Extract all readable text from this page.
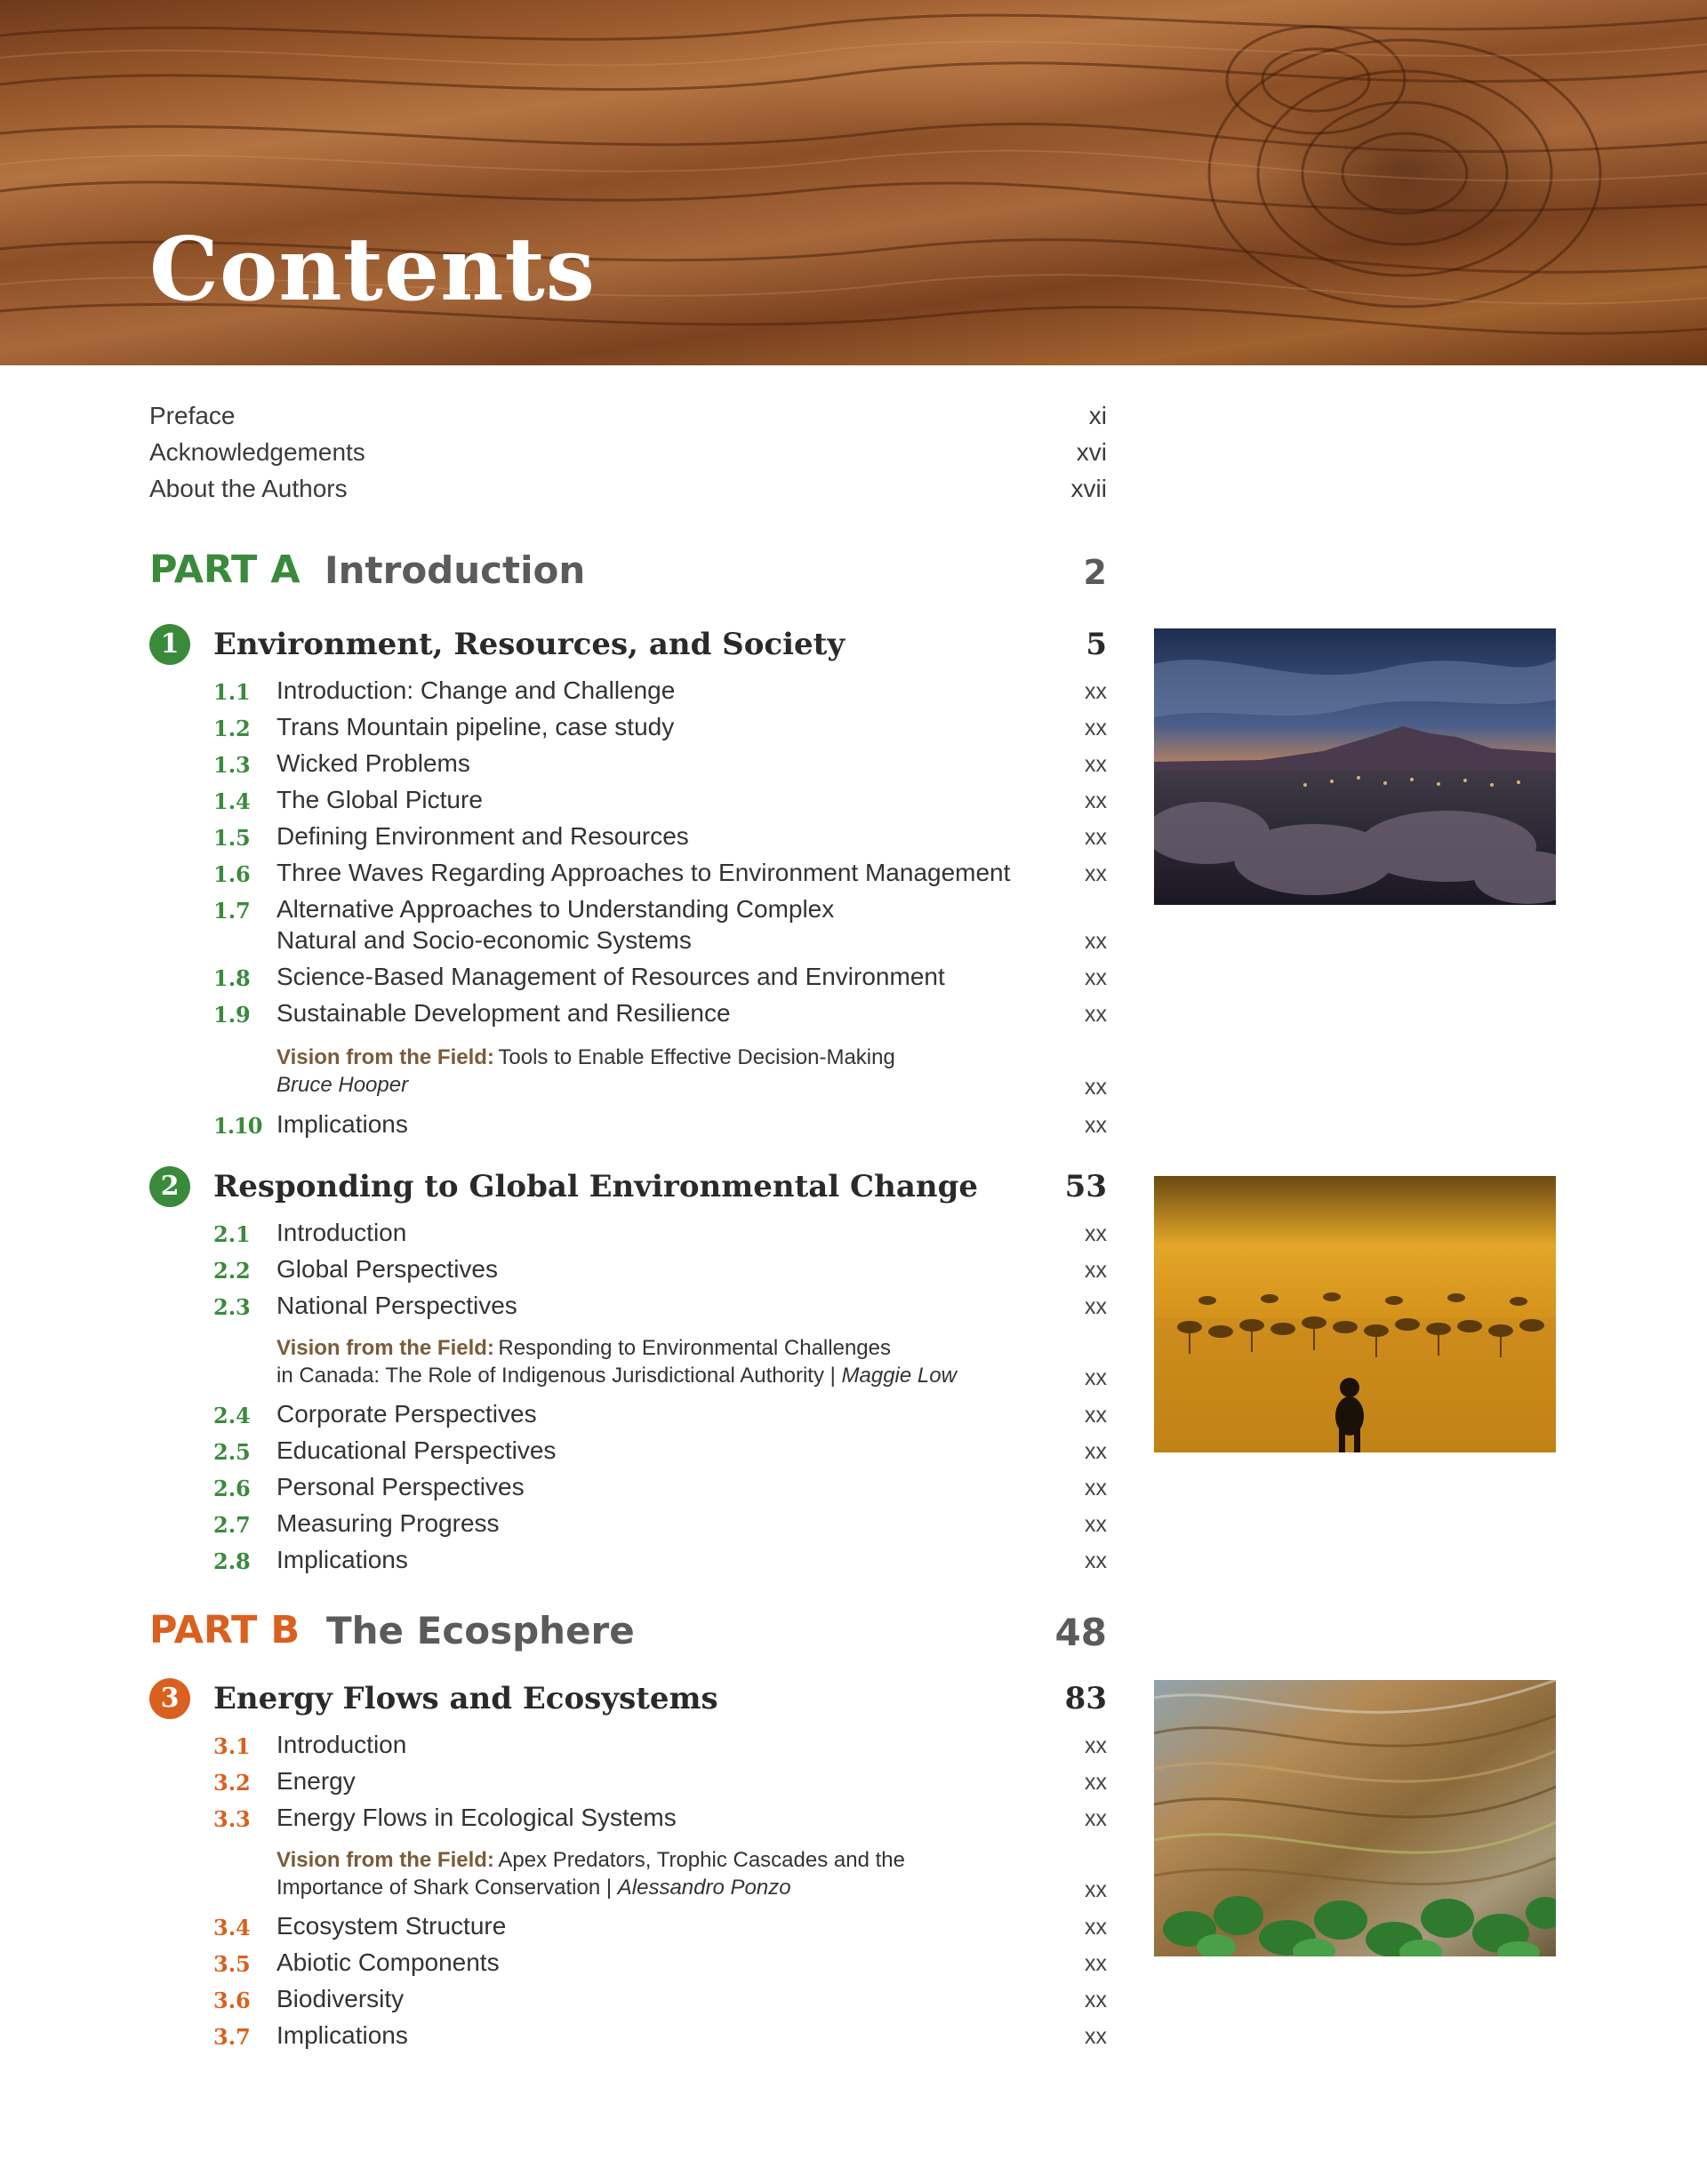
Contents
Preface	xi
Acknowledgements	xvi
About the Authors	xvii
PART A Introduction	2
1	Environment, Resources, and Society	5
1.1 Introduction: Change and Challenge	xx
1.2 Trans Mountain pipeline, case study	xx
1.3 Wicked Problems	xx
1.4 The Global Picture	xx
1.5 Defining Environment and Resources	xx
1.6 Three Waves Regarding Approaches to Environment Management	xx
1.7 Alternative Approaches to Understanding Complex
Natural and Socio-economic Systems	xx
1.8 Science-Based Management of Resources and Environment	xx
1.9 Sustainable Development and Resilience	xx
Vision from the Field: Tools to Enable Effective Decision-Making
Bruce Hooper	xx
1.10 Implications	xx
2	Responding to Global Environmental Change	53
2.1 Introduction	xx
2.2 Global Perspectives	xx
2.3 National Perspectives	xx
Vision from the Field: Responding to Environmental Challenges
in Canada: The Role of Indigenous Jurisdictional Authority | Maggie Low	xx
2.4 Corporate Perspectives	xx
2.5 Educational Perspectives	xx
2.6 Personal Perspectives	xx
2.7 Measuring Progress	xx
2.8 Implications	xx
PART B The Ecosphere	48
3	Energy Flows and Ecosystems	83
3.1 Introduction	xx
3.2 Energy	xx
3.3 Energy Flows in Ecological Systems	xx
Vision from the Field: Apex Predators, Trophic Cascades and the
Importance of Shark Conservation | Alessandro Ponzo	xx
3.4 Ecosystem Structure	xx
3.5 Abiotic Components	xx
3.6 Biodiversity	xx
3.7 Implications	xx
